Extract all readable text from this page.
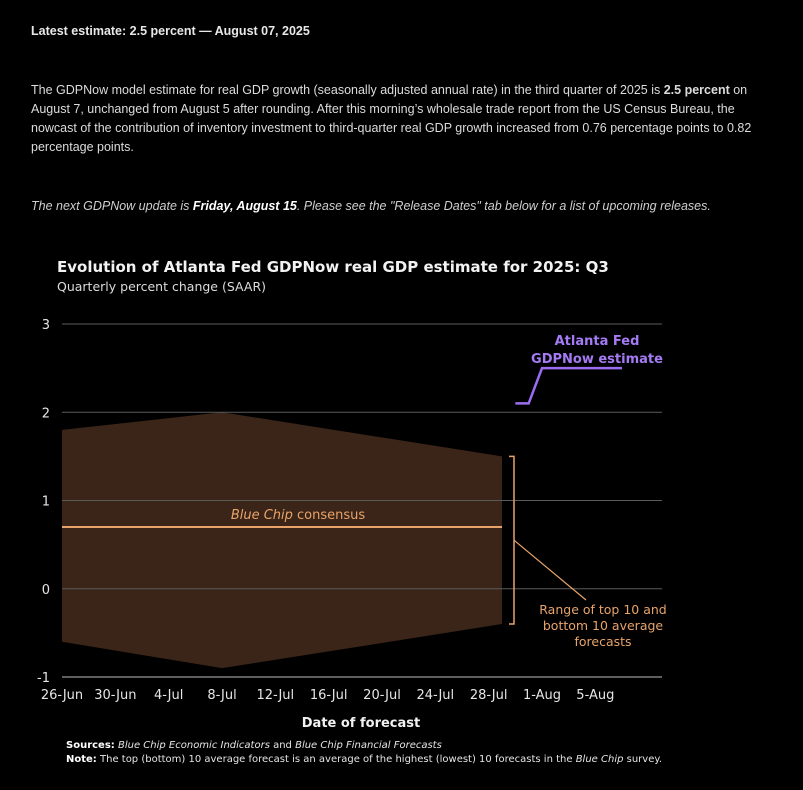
Latest estimate: 2.5 percent — August 07, 2025

The GDPNow model estimate for real GDP growth (seasonally adjusted annual rate) in the third quarter of 2025 is 2.5 percent on August 7, unchanged from August 5 after rounding. After this morning’s wholesale trade report from the US Census Bureau, the nowcast of the contribution of inventory investment to third-quarter real GDP growth increased from 0.76 percentage points to 0.82 percentage points.

The next GDPNow update is Friday, August 15. Please see the "Release Dates" tab below for a list of upcoming releases.

Evolution of Atlanta Fed GDPNow real GDP estimate for 2025: Q3
Quarterly percent change (SAAR)
3
2
1
0
-1
26-Jun 30-Jun 4-Jul 8-Jul 12-Jul 16-Jul 20-Jul 24-Jul 28-Jul 1-Aug 5-Aug
Date of forecast
Atlanta Fed
GDPNow estimate
Blue Chip consensus
Range of top 10 and
bottom 10 average
forecasts
Sources: Blue Chip Economic Indicators and Blue Chip Financial Forecasts
Note: The top (bottom) 10 average forecast is an average of the highest (lowest) 10 forecasts in the Blue Chip survey.
